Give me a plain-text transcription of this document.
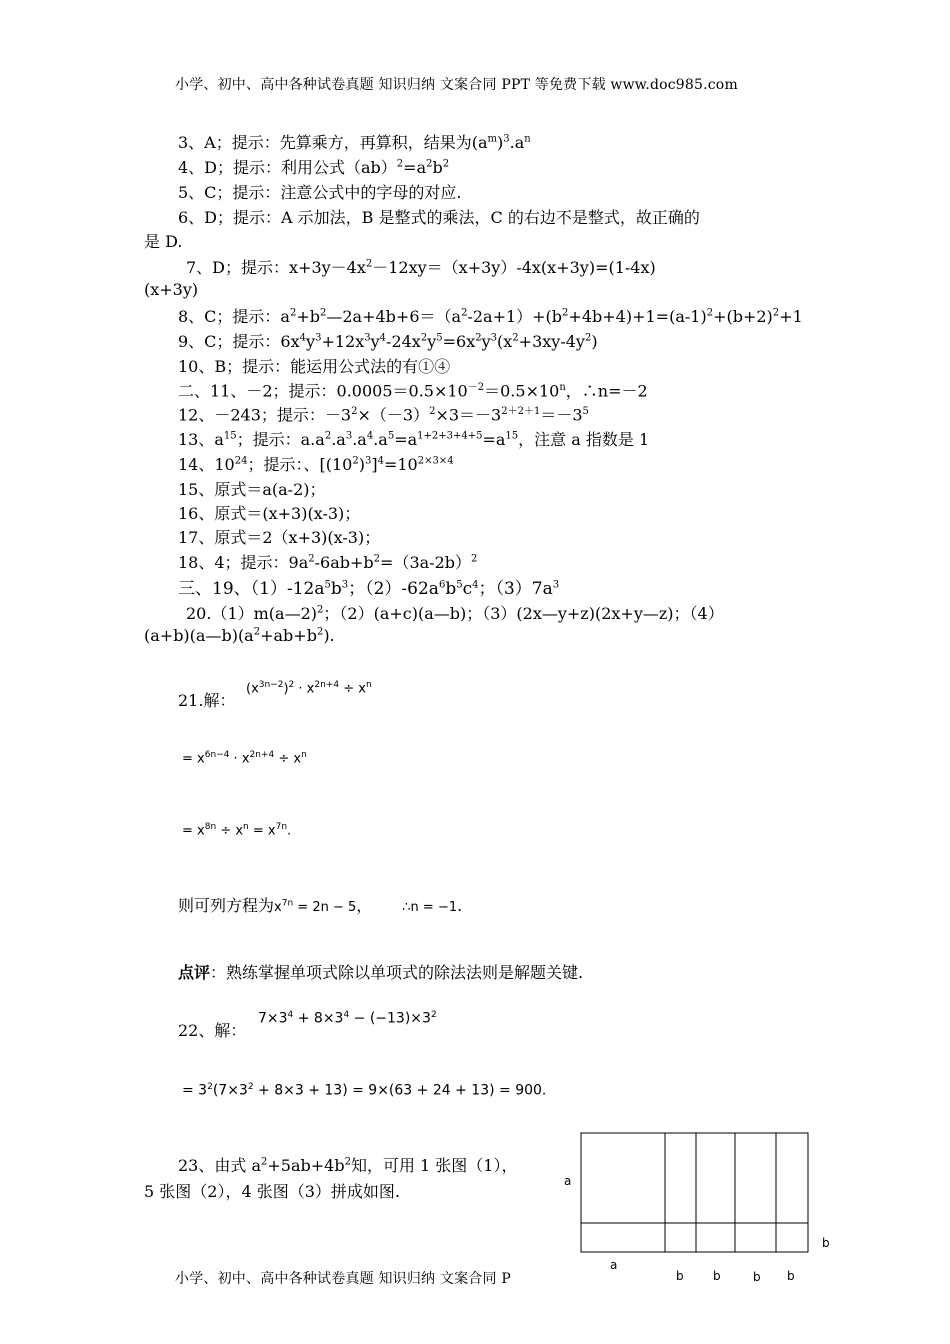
小学、初中、高中各种试卷真题 知识归纳 文案合同 PPT 等免费下载 www.doc985.com
3、A；提示：先算乘方，再算积，结果为$(a^m)^3.a^n$
4、D；提示：利用公式$(ab)^2=a^2b^2$
5、C；提示：注意公式中的字母的对应.
6、D；提示：A 示加法，B 是整式的乘法，C 的右边不是整式，故正确的
是 D.
7、D；提示：$x+3y-4x^2-12xy=(x+3y)-4x(x+3y)=(1-4x)$
(x+3y)
8、C；提示：$a^2+b^2—2a+4b+6=(a^2-2a+1)+(b^2+4b+4)+1=(a-1)^2+(b+2)^2+1$
9、C；提示：$6x^4y^3+12x^3y^4-24x^2y^5=6x^2y^3(x^2+3xy-4y^2)$
10、B；提示：能运用公式法的有①④
二、11、－2；提示：$0.0005=0.5\times 10^{-2}=0.5\times 10^n$，∴n=－2
12、－243；提示：$-3^2\times(-3)^2\times 3=-3^{2+2+1}=-3^5$
13、$a^{15}$；提示：$a.a^2.a^3.a^4.a^5=a^{1+2+3+4+5}=a^{15}$，注意 a 指数是 1
14、$10^{24}$；提示：、$[(10^2)^3]^4=10^{2\times 3\times 4}$
15、原式＝a(a-2)；
16、原式＝(x+3)(x-3)；
17、原式＝2（x+3)(x-3)；
18、4；提示：$9a^2-6ab+b^2=(3a-2b)^2$
三、19、$(1)-12a^5b^3$；$(2)-62a^6b^5c^4$；$(3)7a^3$
20.（1）m(a—2)$^2$；（2）(a+c)(a—b)；（3）(2x—y+z)(2x+y—z)；（4）
$(a+b)(a—b)(a^2+ab+b^2)$.
21.解：
$(x^{3n-2})^2 \cdot x^{2n+4} \div x^n$
= $x^{6n-4} \cdot x^{2n+4} \div x^n$
= $x^{8n} \div x^n = x^{7n}$.
则可列方程为$x^{7n} = 2n - 5$， ∴n = −1.
点评：熟练掌握单项式除以单项式的除法法则是解题关键.
22、解：
$7\times 3^4 + 8\times 3^4 - (-13)\times 3^2$
= $3^2(7\times 3^2 + 8\times 3 + 13) = 9\times(63 + 24 + 13) = 900$.
23、由式 $a^2+5ab+4b^2$知，可用 1 张图（1），
5 张图（2），4 张图（3）拼成如图.
a
a
b
b b	b b
小学、初中、高中各种试卷真题 知识归纳 文案合同 P
